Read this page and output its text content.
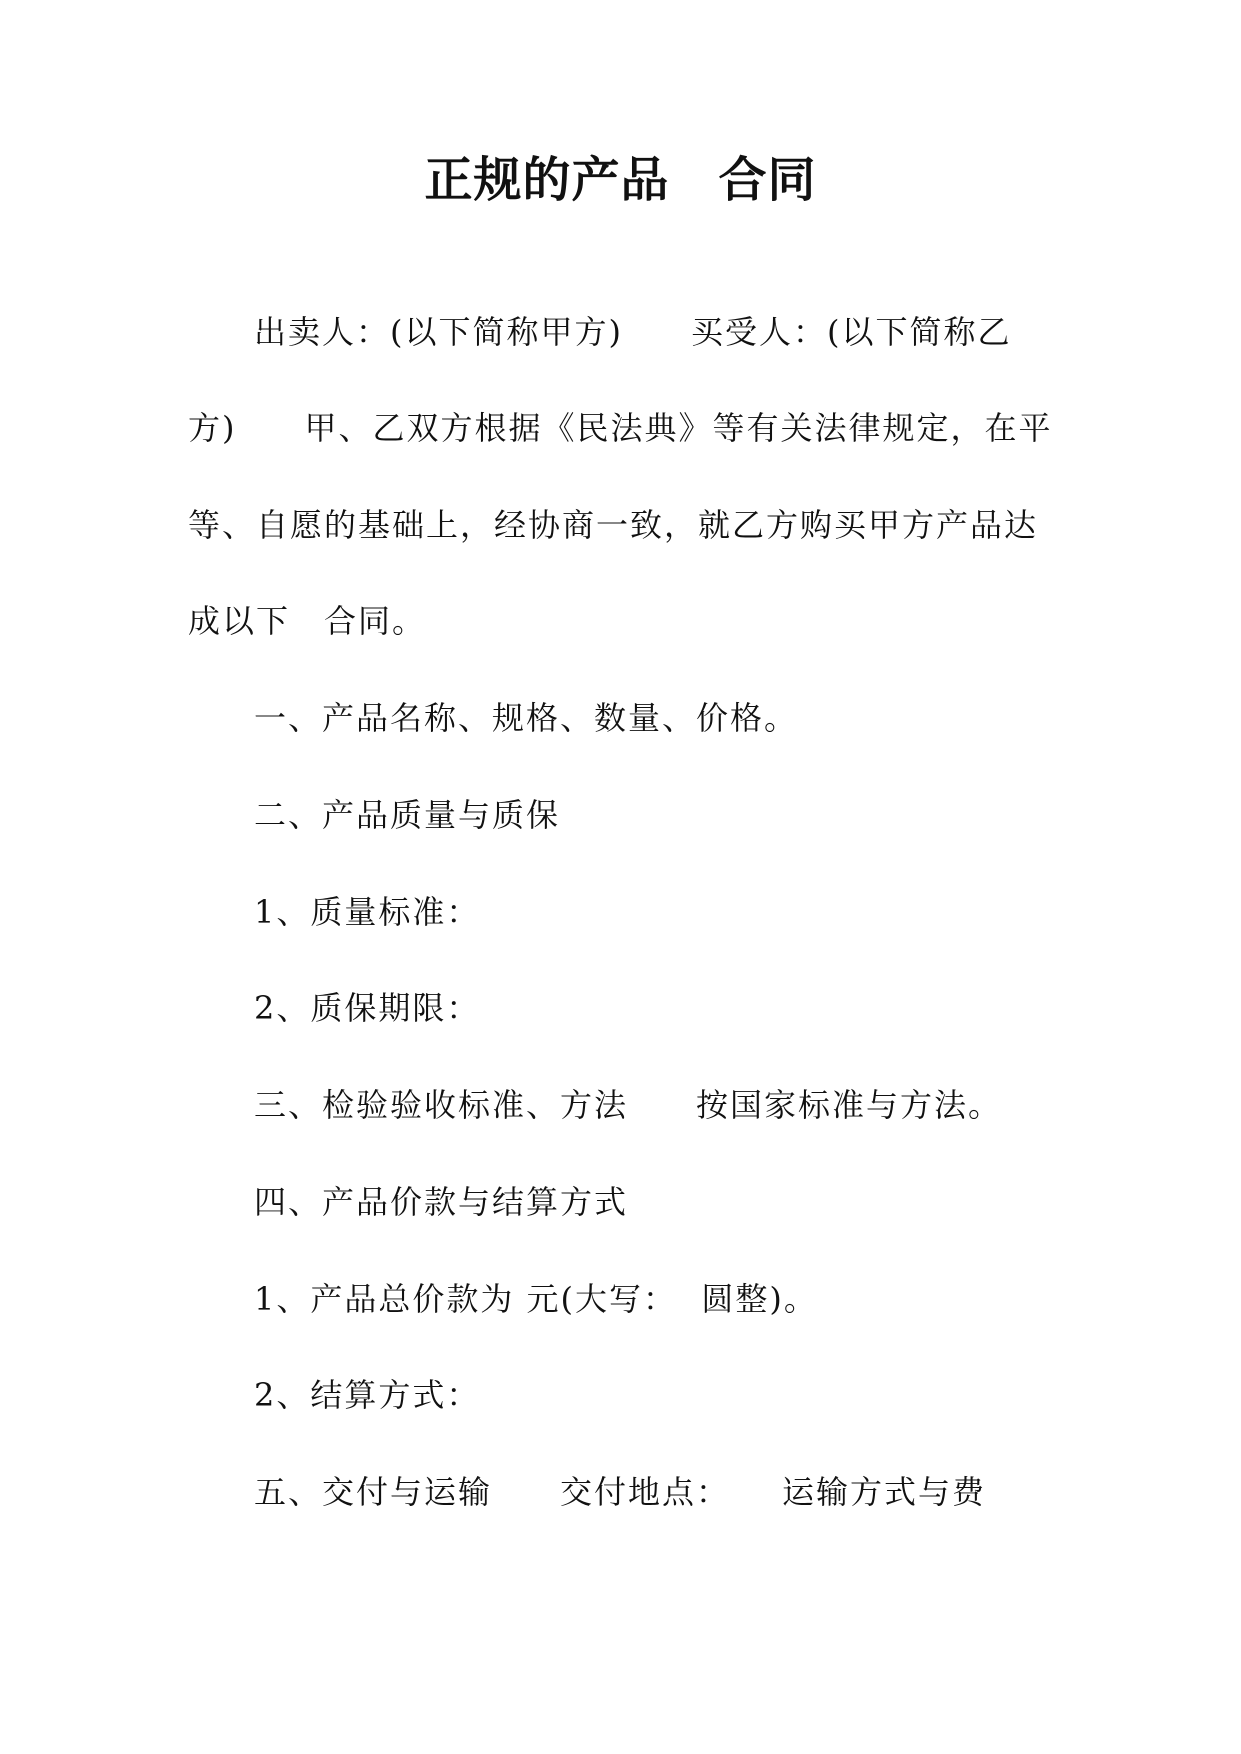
正规的产品　合同
出卖人：(以下简称甲方)　　买受人：(以下简称乙
方)　　甲、乙双方根据《民法典》等有关法律规定，在平
等、自愿的基础上，经协商一致，就乙方购买甲方产品达
成以下　合同。
一、产品名称、规格、数量、价格。
二、产品质量与质保
1、质量标准：
2、质保期限：
三、检验验收标准、方法　　按国家标准与方法。
四、产品价款与结算方式
1、产品总价款为 元(大写：  圆整)。
2、结算方式：
五、交付与运输　　交付地点：　　运输方式与费
